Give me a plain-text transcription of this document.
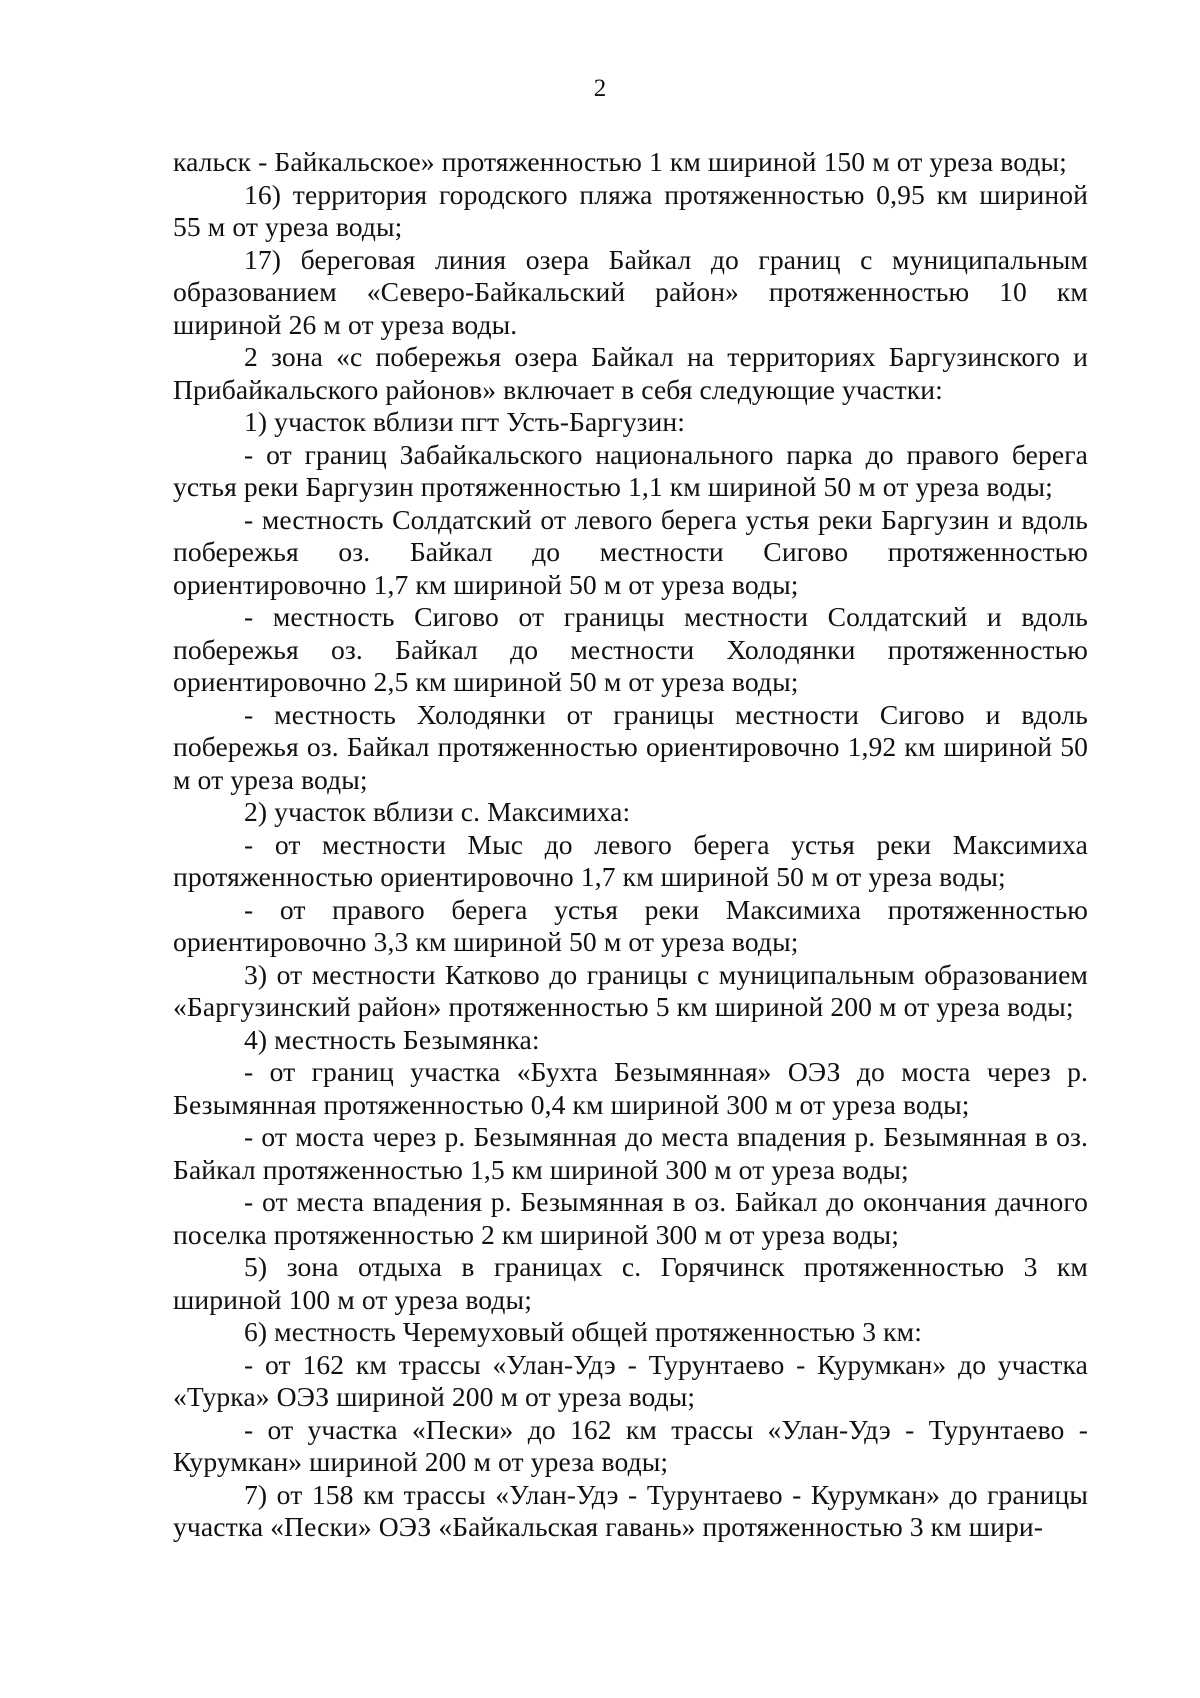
2

кальск - Байкальское» протяженностью 1 км шириной 150 м от уреза воды;

16) территория городского пляжа протяженностью 0,95 км шириной 55 м от уреза воды;

17) береговая линия озера Байкал до границ с муниципальным образованием «Северо-Байкальский район» протяженностью 10 км шириной 26 м от уреза воды.

2 зона «с побережья озера Байкал на территориях Баргузинского и Прибайкальского районов» включает в себя следующие участки:

1) участок вблизи пгт Усть-Баргузин:

- от границ Забайкальского национального парка до правого берега устья реки Баргузин протяженностью 1,1 км шириной 50 м от уреза воды;

- местность Солдатский от левого берега устья реки Баргузин и вдоль побережья оз. Байкал до местности Сигово протяженностью ориентировочно 1,7 км шириной 50 м от уреза воды;

- местность Сигово от границы местности Солдатский и вдоль побережья оз. Байкал до местности Холодянки протяженностью ориентировочно 2,5 км шириной 50 м от уреза воды;

- местность Холодянки от границы местности Сигово и вдоль побережья оз. Байкал протяженностью ориентировочно 1,92 км шириной 50 м от уреза воды;

2) участок вблизи с. Максимиха:

- от местности Мыс до левого берега устья реки Максимиха протяженностью ориентировочно 1,7 км шириной 50 м от уреза воды;

- от правого берега устья реки Максимиха протяженностью ориентировочно 3,3 км шириной 50 м от уреза воды;

3) от местности Катково до границы с муниципальным образованием «Баргузинский район» протяженностью 5 км шириной 200 м от уреза воды;

4) местность Безымянка:

- от границ участка «Бухта Безымянная» ОЭЗ до моста через р. Безымянная протяженностью 0,4 км шириной 300 м от уреза воды;

- от моста через р. Безымянная до места впадения р. Безымянная в оз. Байкал протяженностью 1,5 км шириной 300 м от уреза воды;

- от места впадения р. Безымянная в оз. Байкал до окончания дачного поселка протяженностью 2 км шириной 300 м от уреза воды;

5) зона отдыха в границах с. Горячинск протяженностью 3 км шириной 100 м от уреза воды;

6) местность Черемуховый общей протяженностью 3 км:

- от 162 км трассы «Улан-Удэ - Турунтаево - Курумкан» до участка «Турка» ОЭЗ шириной 200 м от уреза воды;

- от участка «Пески» до 162 км трассы «Улан-Удэ - Турунтаево - Курумкан» шириной 200 м от уреза воды;

7) от 158 км трассы «Улан-Удэ - Турунтаево - Курумкан» до границы участка «Пески» ОЭЗ «Байкальская гавань» протяженностью 3 км шири-
